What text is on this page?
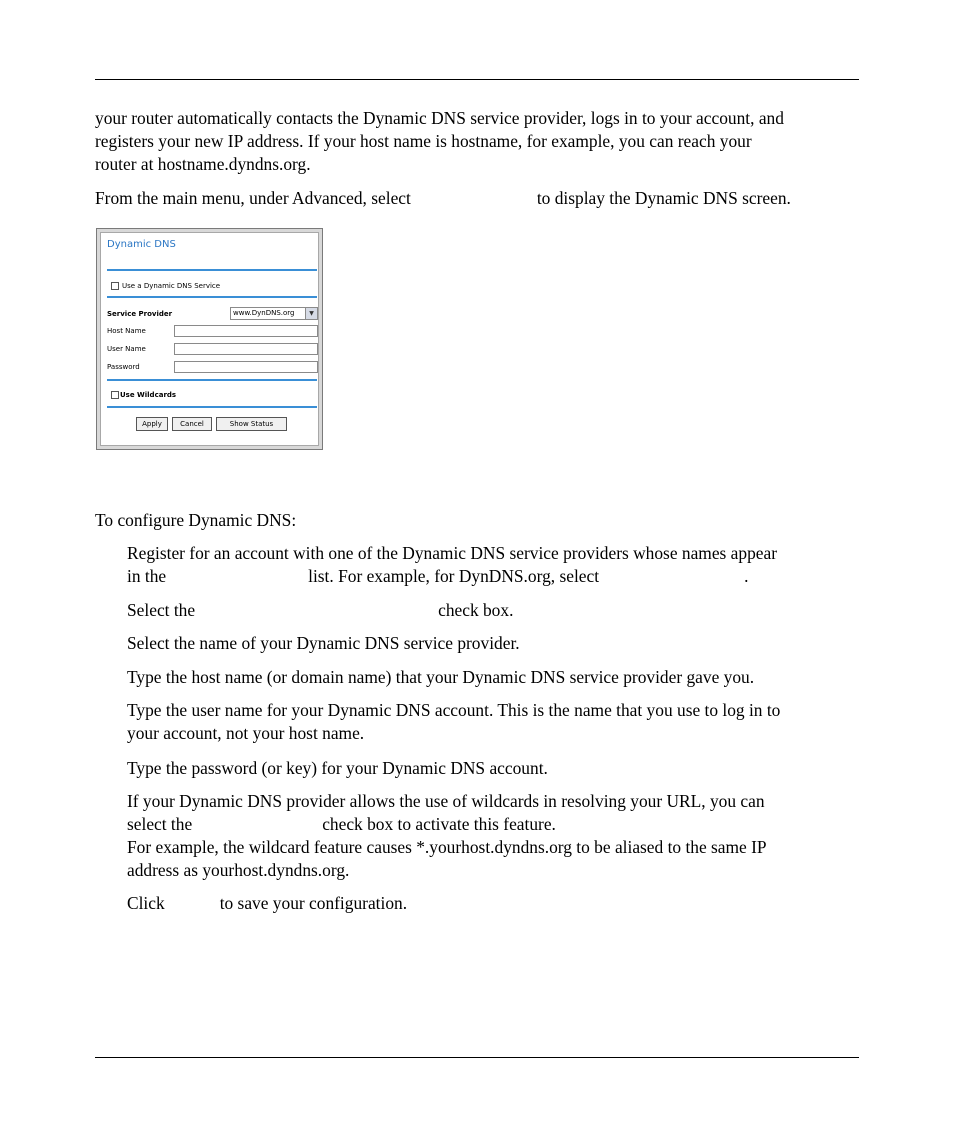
your router automatically contacts the Dynamic DNS service provider, logs in to your account, and
registers your new IP address. If your host name is hostname, for example, you can reach your
router at hostname.dyndns.org.
From the main menu, under Advanced, select	to display the Dynamic DNS screen.
Dynamic DNS
Use a Dynamic DNS Service
Service Provider	www.DynDNS.org	▼
Host Name
User Name
Password
Use Wildcards
Apply	Cancel	Show Status
To configure Dynamic DNS:
Register for an account with one of the Dynamic DNS service providers whose names appear
in the	list. For example, for DynDNS.org, select	.
Select the	check box.
Select the name of your Dynamic DNS service provider.
Type the host name (or domain name) that your Dynamic DNS service provider gave you.
Type the user name for your Dynamic DNS account. This is the name that you use to log in to
your account, not your host name.
Type the password (or key) for your Dynamic DNS account.
If your Dynamic DNS provider allows the use of wildcards in resolving your URL, you can
select the	check box to activate this feature.
For example, the wildcard feature causes *.yourhost.dyndns.org to be aliased to the same IP
address as yourhost.dyndns.org.
Click	to save your configuration.
